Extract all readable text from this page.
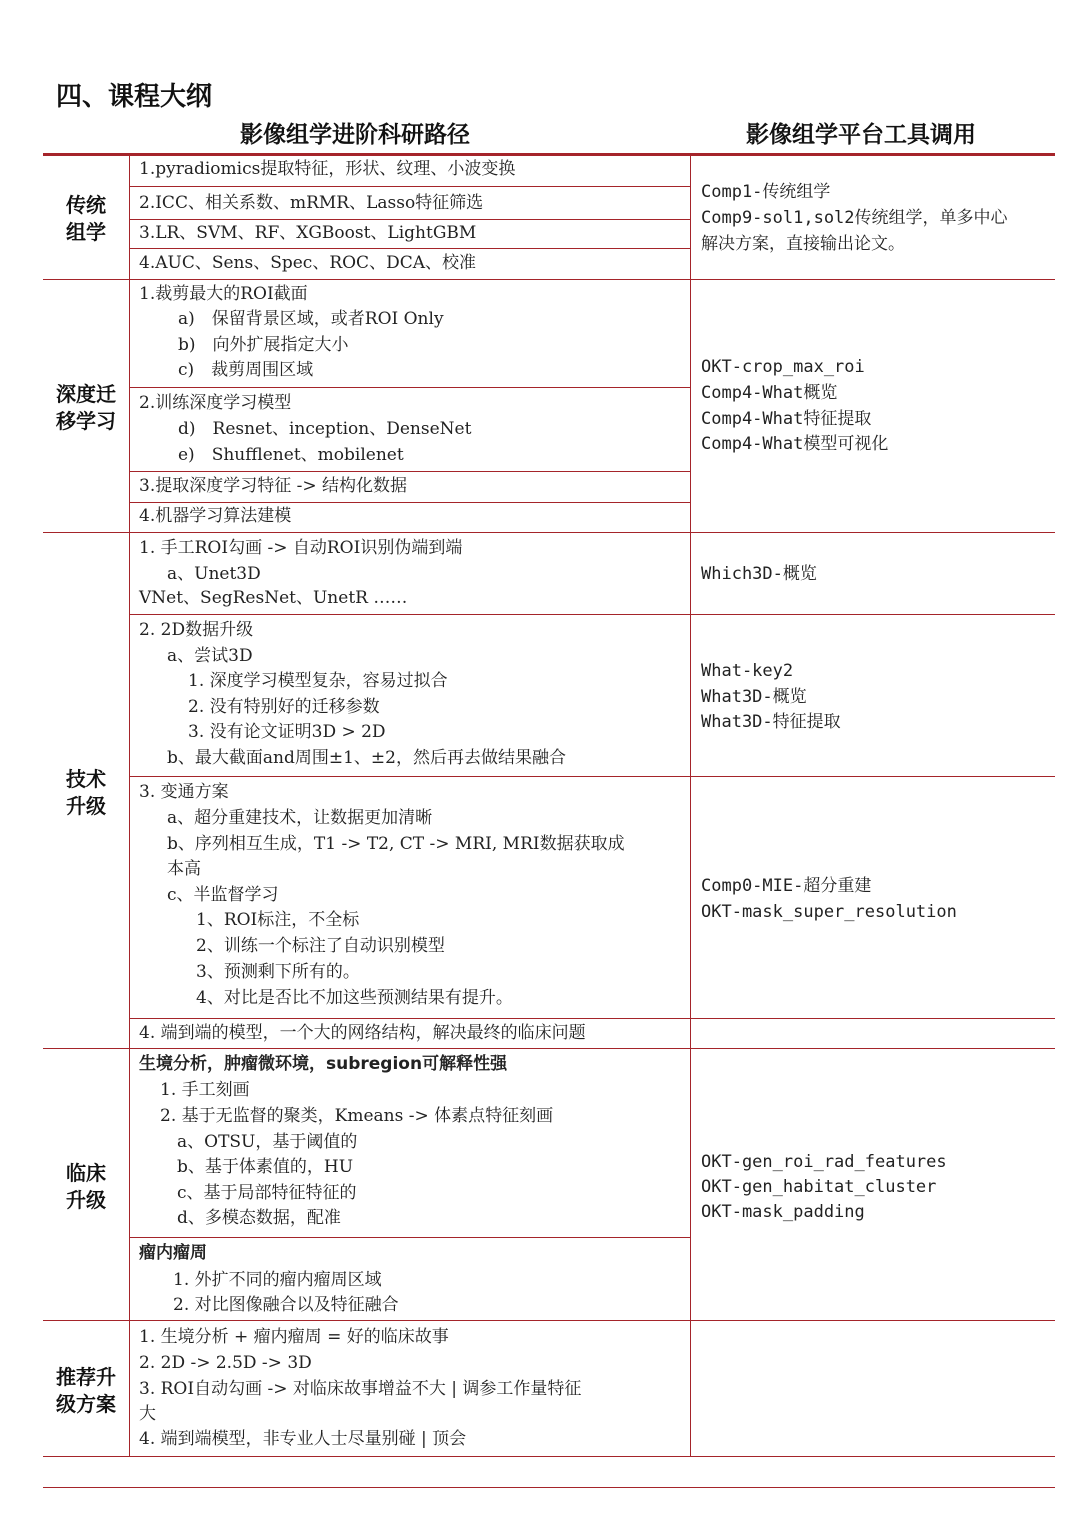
四、课程大纲
影像组学进阶科研路径	影像组学平台工具调用
传统
组学
深度迁
移学习
技术
升级
临床
升级
推荐升
级方案
1.pyradiomics提取特征，形状、纹理、小波变换
2.ICC、相关系数、mRMR、Lasso特征筛选
3.LR、SVM、RF、XGBoost、LightGBM
4.AUC、Sens、Spec、ROC、DCA、校准
Comp1-传统组学
Comp9-sol1,sol2传统组学，单多中心
解决方案，直接输出论文。
1.裁剪最大的ROI截面
a)　保留背景区域，或者ROI Only
b)　向外扩展指定大小
c)　裁剪周围区域
2.训练深度学习模型
d)　Resnet、inception、DenseNet
e)　Shufflenet、mobilenet
3.提取深度学习特征 -> 结构化数据
4.机器学习算法建模
OKT-crop_max_roi
Comp4-What概览
Comp4-What特征提取
Comp4-What模型可视化
1. 手工ROI勾画 -> 自动ROI识别伪端到端
a、Unet3D
VNet、SegResNet、UnetR ……
Which3D-概览
2. 2D数据升级
a、尝试3D
1. 深度学习模型复杂，容易过拟合
2. 没有特别好的迁移参数
3. 没有论文证明3D > 2D
b、最大截面and周围±1、±2，然后再去做结果融合
What-key2
What3D-概览
What3D-特征提取
3. 变通方案
a、超分重建技术，让数据更加清晰
b、序列相互生成，T1 -> T2, CT -> MRI, MRI数据获取成
本高
c、半监督学习
1、ROI标注，不全标
2、训练一个标注了自动识别模型
3、预测剩下所有的。
4、对比是否比不加这些预测结果有提升。
Comp0-MIE-超分重建
OKT-mask_super_resolution
4. 端到端的模型，一个大的网络结构，解决最终的临床问题
生境分析，肿瘤微环境，subregion可解释性强
1. 手工刻画
2. 基于无监督的聚类，Kmeans -> 体素点特征刻画
a、OTSU，基于阈值的
b、基于体素值的，HU
c、基于局部特征特征的
d、多模态数据，配准
瘤内瘤周
1. 外扩不同的瘤内瘤周区域
2. 对比图像融合以及特征融合
OKT-gen_roi_rad_features
OKT-gen_habitat_cluster
OKT-mask_padding
1. 生境分析 + 瘤内瘤周 = 好的临床故事
2. 2D -> 2.5D -> 3D
3. ROI自动勾画 -> 对临床故事增益不大 | 调参工作量特征
大
4. 端到端模型，非专业人士尽量别碰 | 顶会
